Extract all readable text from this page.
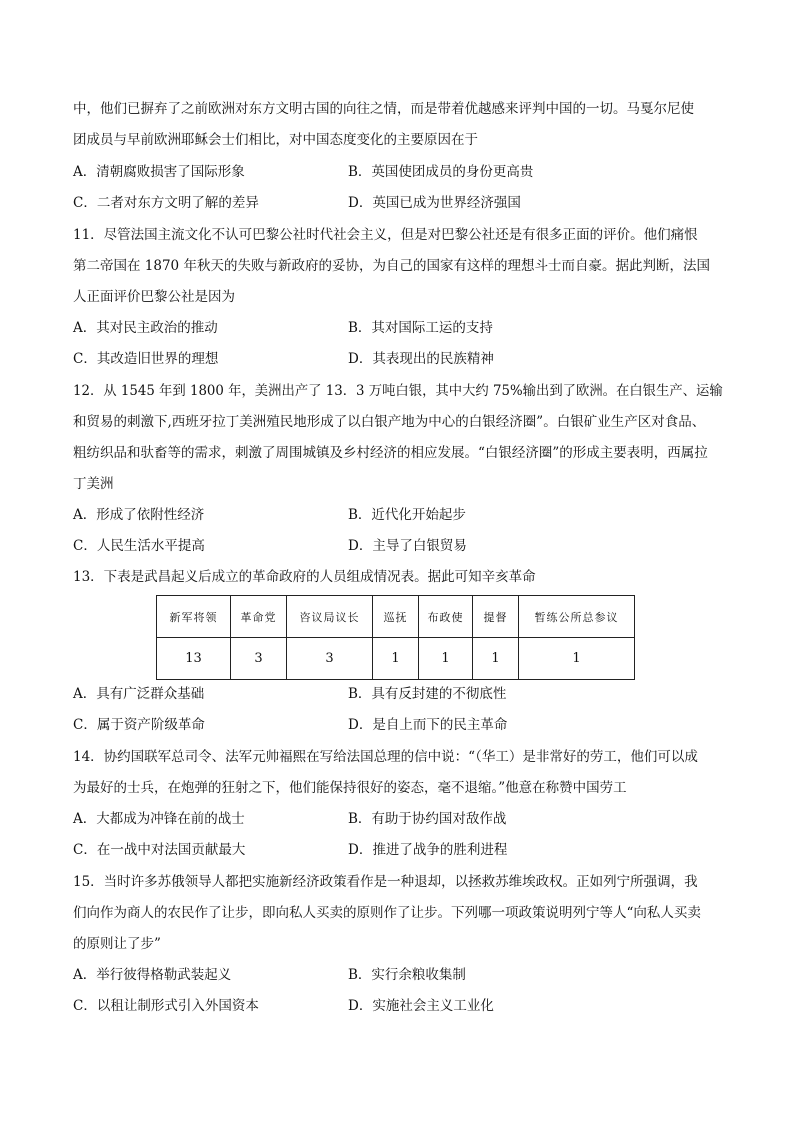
中，他们已摒弃了之前欧洲对东方文明古国的向往之情，而是带着优越感来评判中国的一切。马戛尔尼使
团成员与早前欧洲耶稣会士们相比，对中国态度变化的主要原因在于
A．清朝腐败损害了国际形象	B．英国使团成员的身份更高贵
C．二者对东方文明了解的差异	D．英国已成为世界经济强国
11．尽管法国主流文化不认可巴黎公社时代社会主义，但是对巴黎公社还是有很多正面的评价。他们痛恨
第二帝国在 1870 年秋天的失败与新政府的妥协，为自己的国家有这样的理想斗士而自豪。据此判断，法国
人正面评价巴黎公社是因为
A．其对民主政治的推动	B．其对国际工运的支持
C．其改造旧世界的理想	D．其表现出的民族精神
12．从 1545 年到 1800 年，美洲出产了 13．3 万吨白银，其中大约 75%输出到了欧洲。在白银生产、运输
和贸易的刺激下,西班牙拉丁美洲殖民地形成了以白银产地为中心的白银经济圈”。白银矿业生产区对食品、
粗纺织品和驮畜等的需求，刺激了周围城镇及乡村经济的相应发展。“白银经济圈”的形成主要表明，西属拉
丁美洲
A．形成了依附性经济	B．近代化开始起步
C．人民生活水平提高	D．主导了白银贸易
13．下表是武昌起义后成立的革命政府的人员组成情况表。据此可知辛亥革命
新军将领	革命党	咨议局议长	巡抚	布政使	提督	暂练公所总参议
13	3	3	1	1	1	1
A．具有广泛群众基础	B．具有反封建的不彻底性
C．属于资产阶级革命	D．是自上而下的民主革命
14．协约国联军总司令、法军元帅福熙在写给法国总理的信中说：“（华工）是非常好的劳工，他们可以成
为最好的士兵，在炮弹的狂射之下，他们能保持很好的姿态，毫不退缩。”他意在称赞中国劳工
A．大都成为冲锋在前的战士	B．有助于协约国对敌作战
C．在一战中对法国贡献最大	D．推进了战争的胜利进程
15．当时许多苏俄领导人都把实施新经济政策看作是一种退却，以拯救苏维埃政权。正如列宁所强调，我
们向作为商人的农民作了让步，即向私人买卖的原则作了让步。下列哪一项政策说明列宁等人“向私人买卖
的原则让了步”
A．举行彼得格勒武装起义	B．实行余粮收集制
C．以租让制形式引入外国资本	D．实施社会主义工业化
